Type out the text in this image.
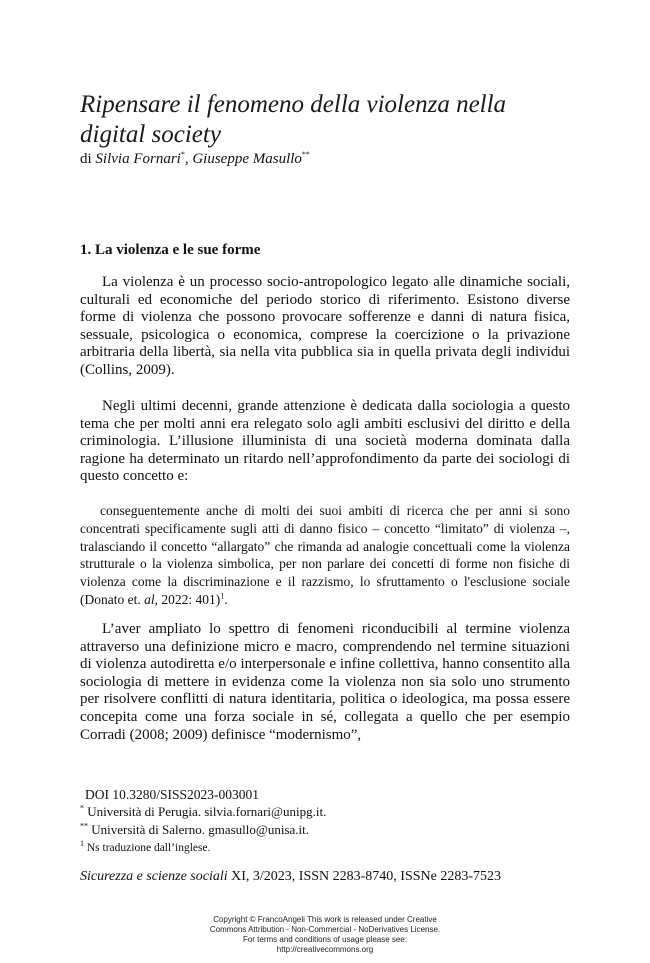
Ripensare il fenomeno della violenza nella digital society
di Silvia Fornari*, Giuseppe Masullo**
1. La violenza e le sue forme
La violenza è un processo socio-antropologico legato alle dinamiche sociali, culturali ed economiche del periodo storico di riferimento. Esistono diverse forme di violenza che possono provocare sofferenze e danni di natura fisica, sessuale, psicologica o economica, comprese la coercizione o la privazione arbitraria della libertà, sia nella vita pubblica sia in quella privata degli individui (Collins, 2009).
Negli ultimi decenni, grande attenzione è dedicata dalla sociologia a questo tema che per molti anni era relegato solo agli ambiti esclusivi del diritto e della criminologia. L’illusione illuminista di una società moderna dominata dalla ragione ha determinato un ritardo nell’approfondimento da parte dei sociologi di questo concetto e:
conseguentemente anche di molti dei suoi ambiti di ricerca che per anni si sono concentrati specificamente sugli atti di danno fisico – concetto “limitato” di violenza –, tralasciando il concetto “allargato” che rimanda ad analogie concettuali come la violenza strutturale o la violenza simbolica, per non parlare dei concetti di forme non fisiche di violenza come la discriminazione e il razzismo, lo sfruttamento o l'esclusione sociale (Donato et. al, 2022: 401)$^1$.
L’aver ampliato lo spettro di fenomeni riconducibili al termine violenza attraverso una definizione micro e macro, comprendendo nel termine situazioni di violenza autodiretta e/o interpersonale e infine collettiva, hanno consentito alla sociologia di mettere in evidenza come la violenza non sia solo uno strumento per risolvere conflitti di natura identitaria, politica o ideologica, ma possa essere concepita come una forza sociale in sé, collegata a quello che per esempio Corradi (2008; 2009) definisce “modernismo”,
DOI 10.3280/SISS2023-003001
* Università di Perugia. silvia.fornari@unipg.it.
** Università di Salerno. gmasullo@unisa.it.
$^1$ Ns traduzione dall’inglese.
Sicurezza e scienze sociali XI, 3/2023, ISSN 2283-8740, ISSNe 2283-7523
Copyright © FrancoAngeli This work is released under Creative
Commons Attribution - Non-Commercial - NoDerivatives License.
For terms and conditions of usage please see:
http://creativecommons.org
